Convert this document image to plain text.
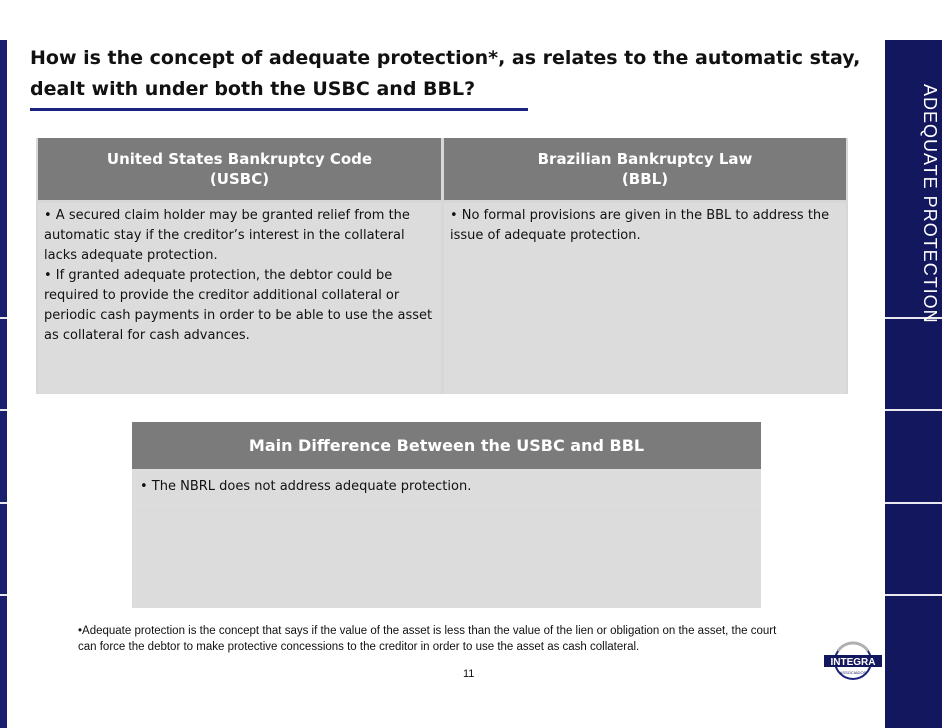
ADEQUATE PROTECTION
How is the concept of adequate protection*, as relates to the automatic stay, dealt with under both the USBC and BBL?
United States Bankruptcy Code
(USBC)
Brazilian Bankruptcy Law
(BBL)

• A secured claim holder may be granted relief from the automatic stay if the creditor’s interest in the collateral lacks adequate protection.

• If granted adequate protection, the debtor could be required to provide the creditor additional collateral or periodic cash payments in order to be able to use the asset as collateral for cash advances.

• No formal provisions are given in the BBL to address the issue of adequate protection.

Main Difference Between the USBC and BBL
• The NBRL does not address adequate protection.
•Adequate protection is the concept that says if the value of the asset is less than the value of the lien or obligation on the asset, the court can force the debtor to make protective concessions to the creditor in order to use the asset as cash collateral.
11
INTEGRA
ASSOCIADOS
